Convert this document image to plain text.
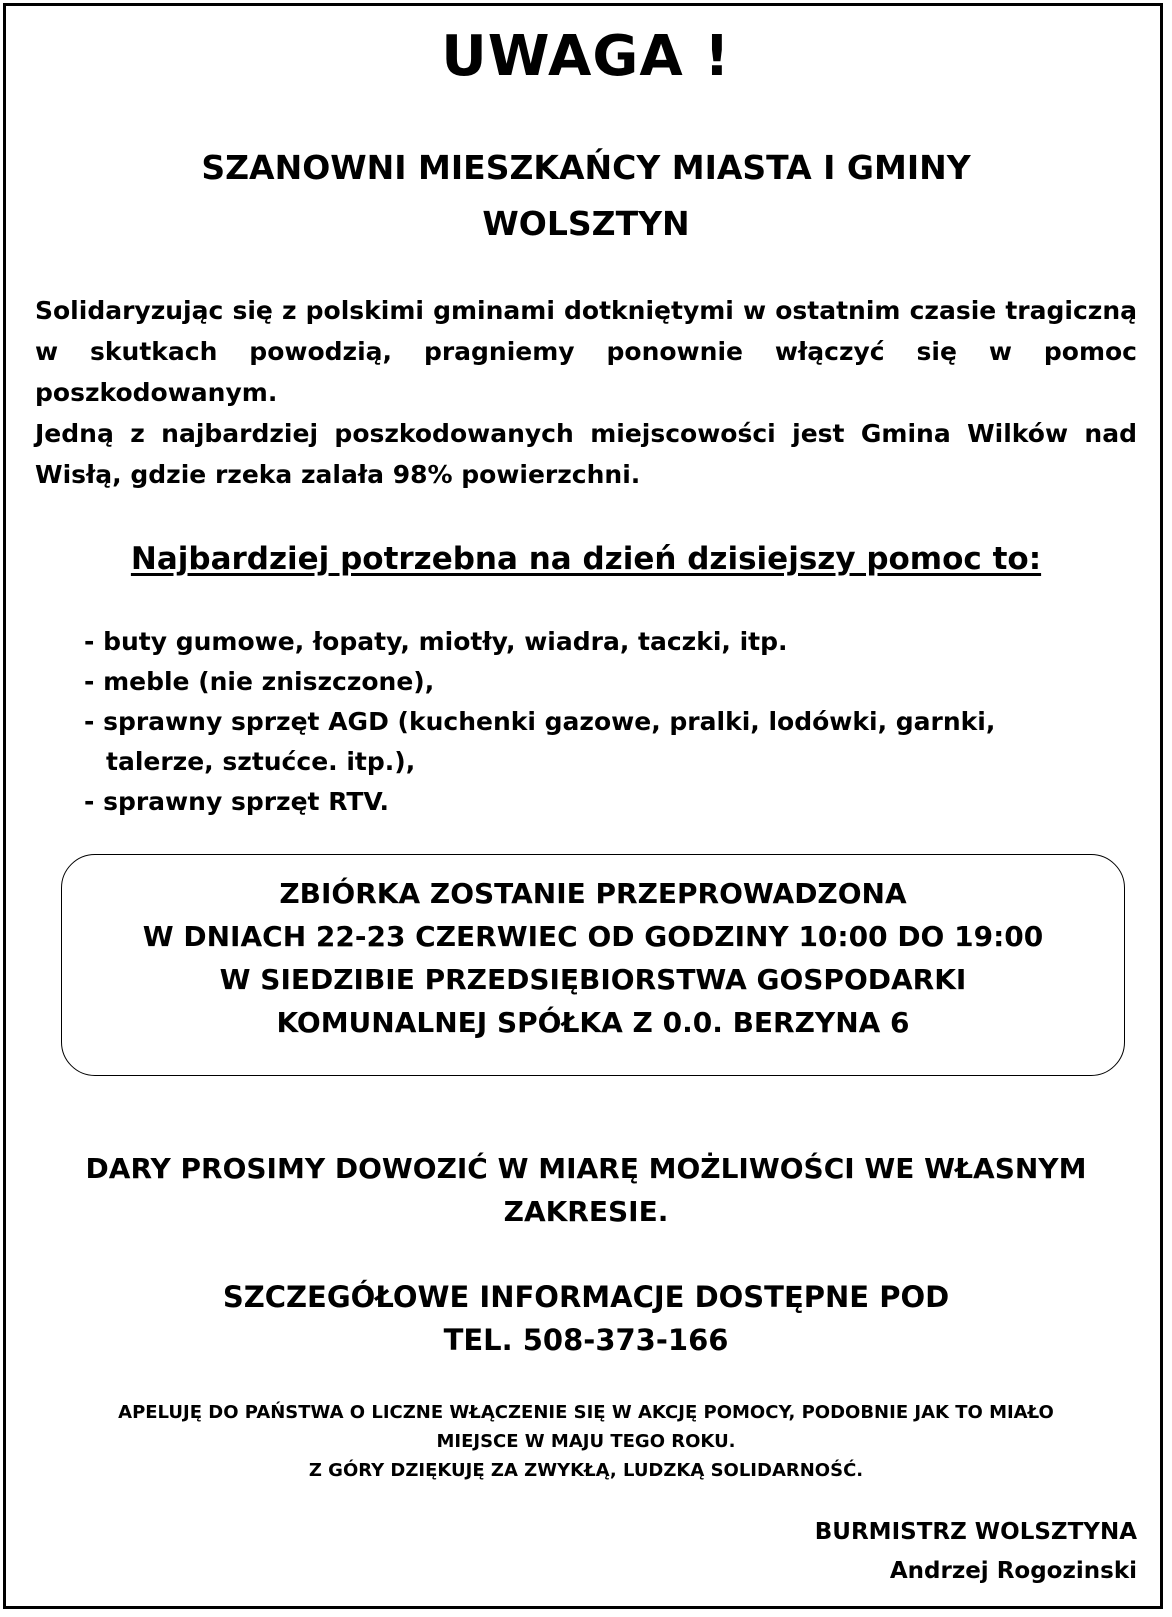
UWAGA !
SZANOWNI MIESZKAŃCY MIASTA I GMINY
WOLSZTYN

Solidaryzując się z polskimi gminami dotkniętymi w ostatnim czasie tragiczną w skutkach powodzią, pragniemy ponownie włączyć się w pomoc poszkodowanym.

Jedną z najbardziej poszkodowanych miejscowości jest Gmina Wilków nad Wisłą, gdzie rzeka zalała 98% powierzchni.

Najbardziej potrzebna na dzień dzisiejszy pomoc to:
- buty gumowe, łopaty, miotły, wiadra, taczki, itp.
- meble (nie zniszczone),
- sprawny sprzęt AGD (kuchenki gazowe, pralki, lodówki, garnki, talerze, sztućce. itp.),
- sprawny sprzęt RTV.
ZBIÓRKA ZOSTANIE PRZEPROWADZONA
W DNIACH 22-23 CZERWIEC OD GODZINY 10:00 DO 19:00
W SIEDZIBIE PRZEDSIĘBIORSTWA GOSPODARKI
KOMUNALNEJ SPÓŁKA Z 0.0. BERZYNA 6
DARY PROSIMY DOWOZIĆ W MIARĘ MOŻLIWOŚCI WE WŁASNYM
ZAKRESIE.
SZCZEGÓŁOWE INFORMACJE DOSTĘPNE POD
TEL. 508-373-166
APELUJĘ DO PAŃSTWA O LICZNE WŁĄCZENIE SIĘ W AKCJĘ POMOCY, PODOBNIE JAK TO MIAŁO
MIEJSCE W MAJU TEGO ROKU.
Z GÓRY DZIĘKUJĘ ZA ZWYKŁĄ, LUDZKĄ SOLIDARNOŚĆ.
BURMISTRZ WOLSZTYNA
Andrzej Rogozinski
